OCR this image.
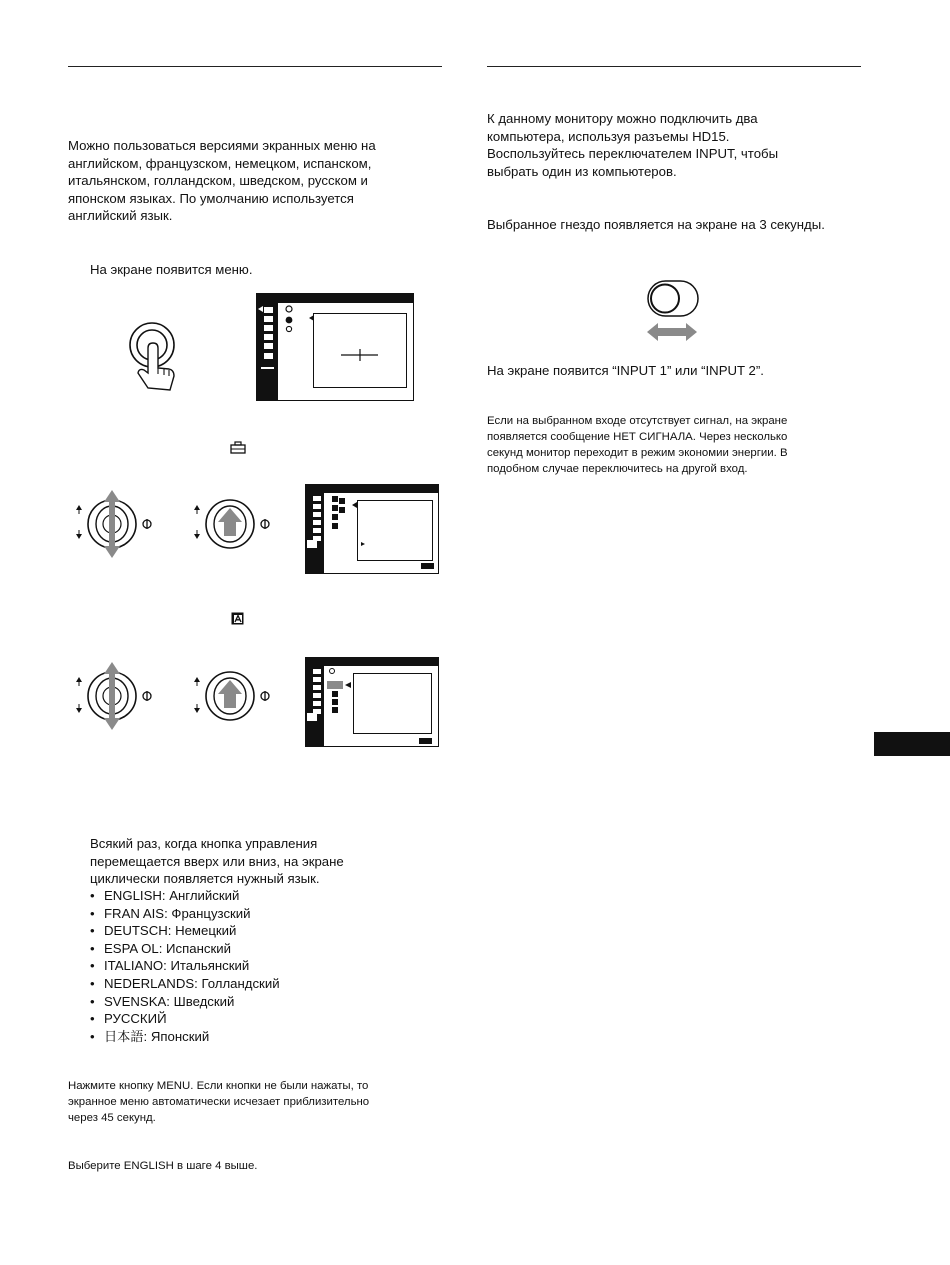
Можно пользоваться версиями экранных меню на
английском, французском, немецком, испанском,
итальянском, голландском, шведском, русском и
японском языках. По умолчанию используется
английский язык.
На экране появится меню.
Всякий раз, когда кнопка управления
перемещается вверх или вниз, на экране
циклически появляется нужный язык.
• ENGLISH: Английский
• FRAN AIS: Французский
• DEUTSCH: Немецкий
• ESPA OL: Испанский
• ITALIANO: Итальянский
• NEDERLANDS: Голландский
• SVENSKA: Шведский
• РУССКИЙ
• 日本語: Японский
Нажмите кнопку MENU. Если кнопки не были нажаты, то
экранное меню автоматически исчезает приблизительно
через 45 секунд.
Выберите ENGLISH в шаге 4 выше.
К данному монитору можно подключить два
компьютера, используя разъемы HD15.
Воспользуйтесь переключателем INPUT, чтобы
выбрать один из компьютеров.
Выбранное гнездо появляется на экране на 3 секунды.
На экране появится “INPUT 1” или “INPUT 2”.
Если на выбранном входе отсутствует сигнал, на экране
появляется сообщение НЕТ СИГНАЛА. Через несколько
секунд монитор переходит в режим экономии энергии. В
подобном случае переключитесь на другой вход.
